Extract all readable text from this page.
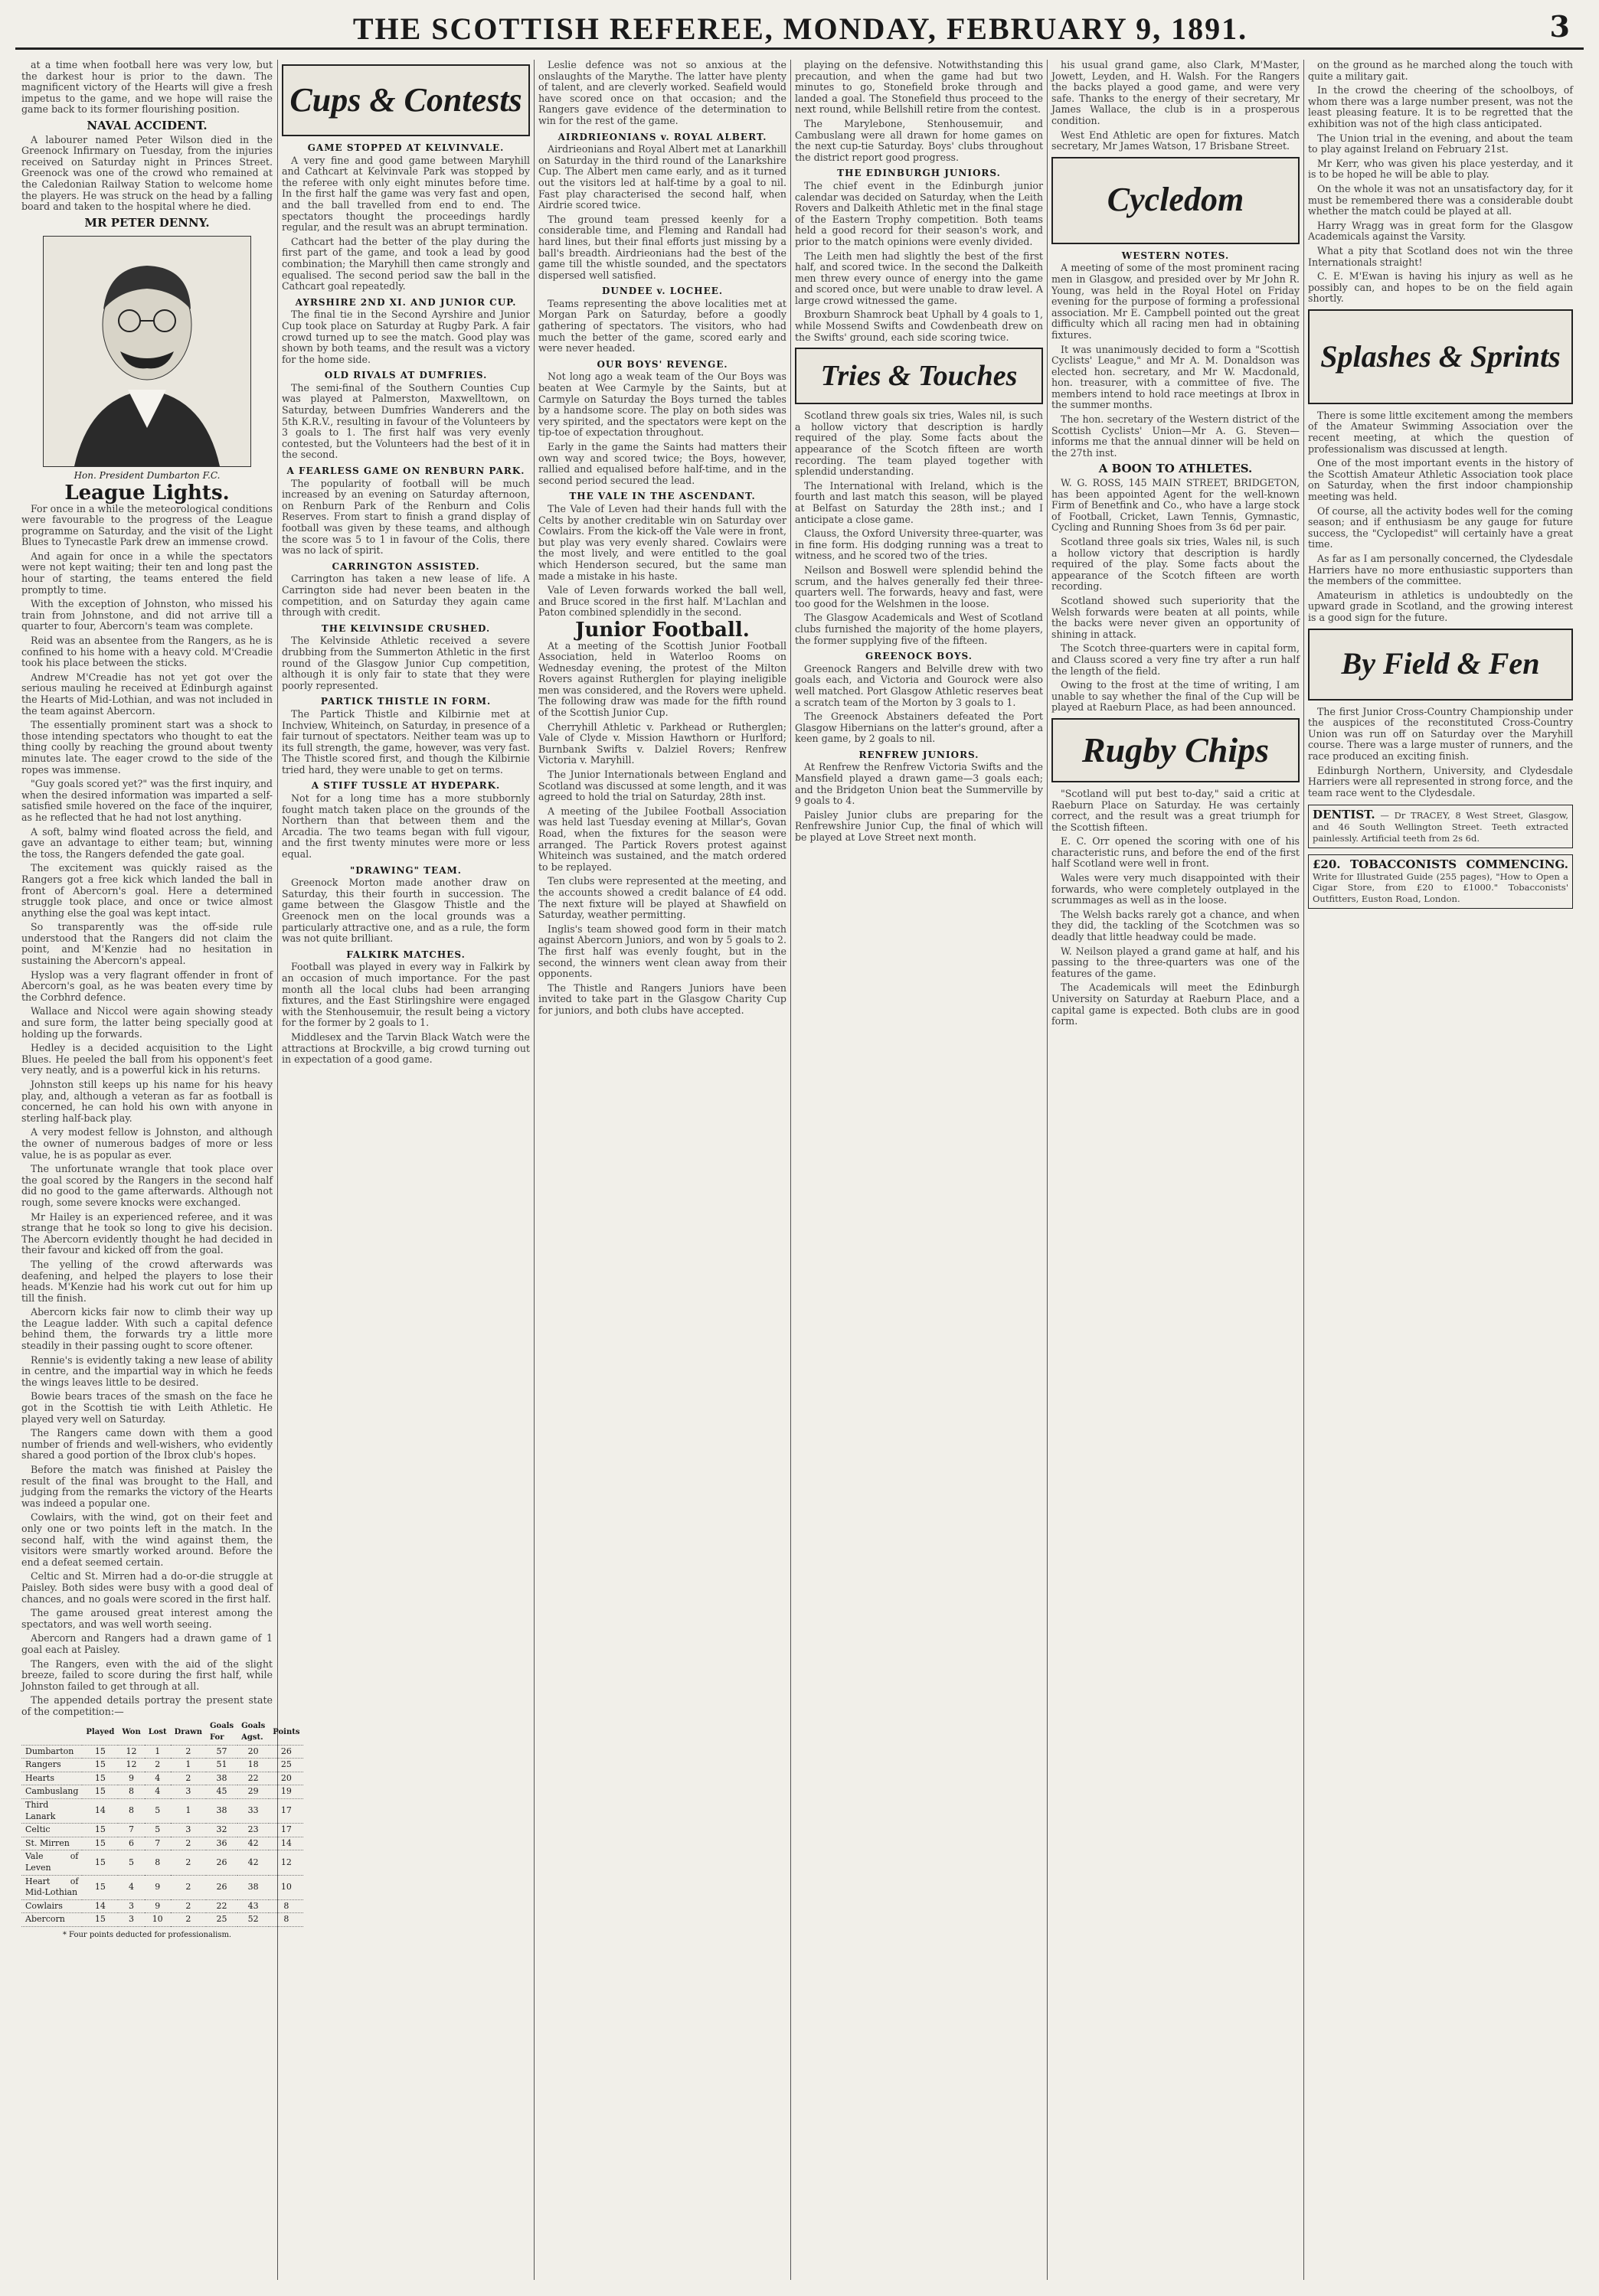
THE SCOTTISH REFEREE, MONDAY, FEBRUARY 9, 1891.	3

at a time when football here was very low, but the darkest hour is prior to the dawn. The magnificent victory of the Hearts will give a fresh impetus to the game, and we hope will raise the game back to its former flourishing position.

NAVAL ACCIDENT.

A labourer named Peter Wilson died in the Greenock Infirmary on Tuesday, from the injuries received on Saturday night in Princes Street. Greenock was one of the crowd who remained at the Caledonian Railway Station to welcome home the players. He was struck on the head by a falling board and taken to the hospital where he died.

MR PETER DENNY.
Hon. President Dumbarton F.C.
League Lights.

For once in a while the meteorological conditions were favourable to the progress of the League programme on Saturday, and the visit of the Light Blues to Tynecastle Park drew an immense crowd.

And again for once in a while the spectators were not kept waiting; their ten and long past the hour of starting, the teams entered the field promptly to time.

With the exception of Johnston, who missed his train from Johnstone, and did not arrive till a quarter to four, Abercorn's team was complete.

Reid was an absentee from the Rangers, as he is confined to his home with a heavy cold. M'Creadie took his place between the sticks.

Andrew M'Creadie has not yet got over the serious mauling he received at Edinburgh against the Hearts of Mid-Lothian, and was not included in the team against Abercorn.

The essentially prominent start was a shock to those intending spectators who thought to eat the thing coolly by reaching the ground about twenty minutes late. The eager crowd to the side of the ropes was immense.

"Guy goals scored yet?" was the first inquiry, and when the desired information was imparted a self-satisfied smile hovered on the face of the inquirer, as he reflected that he had not lost anything.

A soft, balmy wind floated across the field, and gave an advantage to either team; but, winning the toss, the Rangers defended the gate goal.

The excitement was quickly raised as the Rangers got a free kick which landed the ball in front of Abercorn's goal. Here a determined struggle took place, and once or twice almost anything else the goal was kept intact.

So transparently was the off-side rule understood that the Rangers did not claim the point, and M'Kenzie had no hesitation in sustaining the Abercorn's appeal.

Hyslop was a very flagrant offender in front of Abercorn's goal, as he was beaten every time by the Corbhrd defence.

Wallace and Niccol were again showing steady and sure form, the latter being specially good at holding up the forwards.

Hedley is a decided acquisition to the Light Blues. He peeled the ball from his opponent's feet very neatly, and is a powerful kick in his returns.

Johnston still keeps up his name for his heavy play, and, although a veteran as far as football is concerned, he can hold his own with anyone in sterling half-back play.

A very modest fellow is Johnston, and although the owner of numerous badges of more or less value, he is as popular as ever.

The unfortunate wrangle that took place over the goal scored by the Rangers in the second half did no good to the game afterwards. Although not rough, some severe knocks were exchanged.

Mr Hailey is an experienced referee, and it was strange that he took so long to give his decision. The Abercorn evidently thought he had decided in their favour and kicked off from the goal.

The yelling of the crowd afterwards was deafening, and helped the players to lose their heads. M'Kenzie had his work cut out for him up till the finish.

Abercorn kicks fair now to climb their way up the League ladder. With such a capital defence behind them, the forwards try a little more steadily in their passing ought to score oftener.

Rennie's is evidently taking a new lease of ability in centre, and the impartial way in which he feeds the wings leaves little to be desired.

Bowie bears traces of the smash on the face he got in the Scottish tie with Leith Athletic. He played very well on Saturday.

The Rangers came down with them a good number of friends and well-wishers, who evidently shared a good portion of the Ibrox club's hopes.

Before the match was finished at Paisley the result of the final was brought to the Hall, and judging from the remarks the victory of the Hearts was indeed a popular one.

Cowlairs, with the wind, got on their feet and only one or two points left in the match. In the second half, with the wind against them, the visitors were smartly worked around. Before the end a defeat seemed certain.

Celtic and St. Mirren had a do-or-die struggle at Paisley. Both sides were busy with a good deal of chances, and no goals were scored in the first half.

The game aroused great interest among the spectators, and was well worth seeing.

Abercorn and Rangers had a drawn game of 1 goal each at Paisley.

The Rangers, even with the aid of the slight breeze, failed to score during the first half, while Johnston failed to get through at all.

The appended details portray the present state of the competition:—

	Played	Won	Lost	Drawn	Goals For	Goals Agst.	Points
Dumbarton	15	12	1	2	57	20	26
Rangers	15	12	2	1	51	18	25
Hearts	15	9	4	2	38	22	20
Cambuslang	15	8	4	3	45	29	19
Third Lanark	14	8	5	1	38	33	17
Celtic	15	7	5	3	32	23	17
St. Mirren	15	6	7	2	36	42	14
Vale of Leven	15	5	8	2	26	42	12
Heart of Mid-Lothian	15	4	9	2	26	38	10
Cowlairs	14	3	9	2	22	43	8
Abercorn	15	3	10	2	25	52	8
* Four points deducted for professionalism.
Cups & Contests
GAME STOPPED AT KELVINVALE.

A very fine and good game between Maryhill and Cathcart at Kelvinvale Park was stopped by the referee with only eight minutes before time. In the first half the game was very fast and open, and the ball travelled from end to end. The spectators thought the proceedings hardly regular, and the result was an abrupt termination.

Cathcart had the better of the play during the first part of the game, and took a lead by good combination; the Maryhill then came strongly and equalised. The second period saw the ball in the Cathcart goal repeatedly.

AYRSHIRE 2ND XI. AND JUNIOR CUP.

The final tie in the Second Ayrshire and Junior Cup took place on Saturday at Rugby Park. A fair crowd turned up to see the match. Good play was shown by both teams, and the result was a victory for the home side.

OLD RIVALS AT DUMFRIES.

The semi-final of the Southern Counties Cup was played at Palmerston, Maxwelltown, on Saturday, between Dumfries Wanderers and the 5th K.R.V., resulting in favour of the Volunteers by 3 goals to 1. The first half was very evenly contested, but the Volunteers had the best of it in the second.

A FEARLESS GAME ON RENBURN PARK.

The popularity of football will be much increased by an evening on Saturday afternoon, on Renburn Park of the Renburn and Colis Reserves. From start to finish a grand display of football was given by these teams, and although the score was 5 to 1 in favour of the Colis, there was no lack of spirit.

CARRINGTON ASSISTED.

Carrington has taken a new lease of life. A Carrington side had never been beaten in the competition, and on Saturday they again came through with credit.

THE KELVINSIDE CRUSHED.

The Kelvinside Athletic received a severe drubbing from the Summerton Athletic in the first round of the Glasgow Junior Cup competition, although it is only fair to state that they were poorly represented.

PARTICK THISTLE IN FORM.

The Partick Thistle and Kilbirnie met at Inchview, Whiteinch, on Saturday, in presence of a fair turnout of spectators. Neither team was up to its full strength, the game, however, was very fast. The Thistle scored first, and though the Kilbirnie tried hard, they were unable to get on terms.

A STIFF TUSSLE AT HYDEPARK.

Not for a long time has a more stubbornly fought match taken place on the grounds of the Northern than that between them and the Arcadia. The two teams began with full vigour, and the first twenty minutes were more or less equal.

"DRAWING" TEAM.

Greenock Morton made another draw on Saturday, this their fourth in succession. The game between the Glasgow Thistle and the Greenock men on the local grounds was a particularly attractive one, and as a rule, the form was not quite brilliant.

FALKIRK MATCHES.

Football was played in every way in Falkirk by an occasion of much importance. For the past month all the local clubs had been arranging fixtures, and the East Stirlingshire were engaged with the Stenhousemuir, the result being a victory for the former by 2 goals to 1.

Middlesex and the Tarvin Black Watch were the attractions at Brockville, a big crowd turning out in expectation of a good game.

Leslie defence was not so anxious at the onslaughts of the Marythe. The latter have plenty of talent, and are cleverly worked. Seafield would have scored once on that occasion; and the Rangers gave evidence of the determination to win for the rest of the game.

AIRDRIEONIANS v. ROYAL ALBERT.

Airdrieonians and Royal Albert met at Lanarkhill on Saturday in the third round of the Lanarkshire Cup. The Albert men came early, and as it turned out the visitors led at half-time by a goal to nil. Fast play characterised the second half, when Airdrie scored twice.

The ground team pressed keenly for a considerable time, and Fleming and Randall had hard lines, but their final efforts just missing by a ball's breadth. Airdrieonians had the best of the game till the whistle sounded, and the spectators dispersed well satisfied.

DUNDEE v. LOCHEE.

Teams representing the above localities met at Morgan Park on Saturday, before a goodly gathering of spectators. The visitors, who had much the better of the game, scored early and were never headed.

OUR BOYS' REVENGE.

Not long ago a weak team of the Our Boys was beaten at Wee Carmyle by the Saints, but at Carmyle on Saturday the Boys turned the tables by a handsome score. The play on both sides was very spirited, and the spectators were kept on the tip-toe of expectation throughout.

Early in the game the Saints had matters their own way and scored twice; the Boys, however, rallied and equalised before half-time, and in the second period secured the lead.

THE VALE IN THE ASCENDANT.

The Vale of Leven had their hands full with the Celts by another creditable win on Saturday over Cowlairs. From the kick-off the Vale were in front, but play was very evenly shared. Cowlairs were the most lively, and were entitled to the goal which Henderson secured, but the same man made a mistake in his haste.

Vale of Leven forwards worked the ball well, and Bruce scored in the first half. M'Lachlan and Paton combined splendidly in the second.

Junior Football.

At a meeting of the Scottish Junior Football Association, held in Waterloo Rooms on Wednesday evening, the protest of the Milton Rovers against Rutherglen for playing ineligible men was considered, and the Rovers were upheld. The following draw was made for the fifth round of the Scottish Junior Cup.

Cherryhill Athletic v. Parkhead or Rutherglen; Vale of Clyde v. Mission Hawthorn or Hurlford; Burnbank Swifts v. Dalziel Rovers; Renfrew Victoria v. Maryhill.

The Junior Internationals between England and Scotland was discussed at some length, and it was agreed to hold the trial on Saturday, 28th inst.

A meeting of the Jubilee Football Association was held last Tuesday evening at Millar's, Govan Road, when the fixtures for the season were arranged. The Partick Rovers protest against Whiteinch was sustained, and the match ordered to be replayed.

Ten clubs were represented at the meeting, and the accounts showed a credit balance of £4 odd. The next fixture will be played at Shawfield on Saturday, weather permitting.

Inglis's team showed good form in their match against Abercorn Juniors, and won by 5 goals to 2. The first half was evenly fought, but in the second, the winners went clean away from their opponents.

The Thistle and Rangers Juniors have been invited to take part in the Glasgow Charity Cup for juniors, and both clubs have accepted.

playing on the defensive. Notwithstanding this precaution, and when the game had but two minutes to go, Stonefield broke through and landed a goal. The Stonefield thus proceed to the next round, while Bellshill retire from the contest.

The Marylebone, Stenhousemuir, and Cambuslang were all drawn for home games on the next cup-tie Saturday. Boys' clubs throughout the district report good progress.

THE EDINBURGH JUNIORS.

The chief event in the Edinburgh junior calendar was decided on Saturday, when the Leith Rovers and Dalkeith Athletic met in the final stage of the Eastern Trophy competition. Both teams held a good record for their season's work, and prior to the match opinions were evenly divided.

The Leith men had slightly the best of the first half, and scored twice. In the second the Dalkeith men threw every ounce of energy into the game and scored once, but were unable to draw level. A large crowd witnessed the game.

Broxburn Shamrock beat Uphall by 4 goals to 1, while Mossend Swifts and Cowdenbeath drew on the Swifts' ground, each side scoring twice.

Tries & Touches

Scotland threw goals six tries, Wales nil, is such a hollow victory that description is hardly required of the play. Some facts about the appearance of the Scotch fifteen are worth recording. The team played together with splendid understanding.

The International with Ireland, which is the fourth and last match this season, will be played at Belfast on Saturday the 28th inst.; and I anticipate a close game.

Clauss, the Oxford University three-quarter, was in fine form. His dodging running was a treat to witness, and he scored two of the tries.

Neilson and Boswell were splendid behind the scrum, and the halves generally fed their three-quarters well. The forwards, heavy and fast, were too good for the Welshmen in the loose.

The Glasgow Academicals and West of Scotland clubs furnished the majority of the home players, the former supplying five of the fifteen.

GREENOCK BOYS.

Greenock Rangers and Belville drew with two goals each, and Victoria and Gourock were also well matched. Port Glasgow Athletic reserves beat a scratch team of the Morton by 3 goals to 1.

The Greenock Abstainers defeated the Port Glasgow Hibernians on the latter's ground, after a keen game, by 2 goals to nil.

RENFREW JUNIORS.

At Renfrew the Renfrew Victoria Swifts and the Mansfield played a drawn game—3 goals each; and the Bridgeton Union beat the Summerville by 9 goals to 4.

Paisley Junior clubs are preparing for the Renfrewshire Junior Cup, the final of which will be played at Love Street next month.

his usual grand game, also Clark, M'Master, Jowett, Leyden, and H. Walsh. For the Rangers the backs played a good game, and were very safe. Thanks to the energy of their secretary, Mr James Wallace, the club is in a prosperous condition.

West End Athletic are open for fixtures. Match secretary, Mr James Watson, 17 Brisbane Street.

Cycledom
WESTERN NOTES.

A meeting of some of the most prominent racing men in Glasgow, and presided over by Mr John R. Young, was held in the Royal Hotel on Friday evening for the purpose of forming a professional association. Mr E. Campbell pointed out the great difficulty which all racing men had in obtaining fixtures.

It was unanimously decided to form a "Scottish Cyclists' League," and Mr A. M. Donaldson was elected hon. secretary, and Mr W. Macdonald, hon. treasurer, with a committee of five. The members intend to hold race meetings at Ibrox in the summer months.

The hon. secretary of the Western district of the Scottish Cyclists' Union—Mr A. G. Steven—informs me that the annual dinner will be held on the 27th inst.

A BOON TO ATHLETES.

W. G. ROSS, 145 MAIN STREET, BRIDGETON, has been appointed Agent for the well-known Firm of Benetfink and Co., who have a large stock of Football, Cricket, Lawn Tennis, Gymnastic, Cycling and Running Shoes from 3s 6d per pair.

Scotland three goals six tries, Wales nil, is such a hollow victory that description is hardly required of the play. Some facts about the appearance of the Scotch fifteen are worth recording.

Scotland showed such superiority that the Welsh forwards were beaten at all points, while the backs were never given an opportunity of shining in attack.

The Scotch three-quarters were in capital form, and Clauss scored a very fine try after a run half the length of the field.

Owing to the frost at the time of writing, I am unable to say whether the final of the Cup will be played at Raeburn Place, as had been announced.

Rugby Chips

"Scotland will put best to-day," said a critic at Raeburn Place on Saturday. He was certainly correct, and the result was a great triumph for the Scottish fifteen.

E. C. Orr opened the scoring with one of his characteristic runs, and before the end of the first half Scotland were well in front.

Wales were very much disappointed with their forwards, who were completely outplayed in the scrummages as well as in the loose.

The Welsh backs rarely got a chance, and when they did, the tackling of the Scotchmen was so deadly that little headway could be made.

W. Neilson played a grand game at half, and his passing to the three-quarters was one of the features of the game.

The Academicals will meet the Edinburgh University on Saturday at Raeburn Place, and a capital game is expected. Both clubs are in good form.

on the ground as he marched along the touch with quite a military gait.

In the crowd the cheering of the schoolboys, of whom there was a large number present, was not the least pleasing feature. It is to be regretted that the exhibition was not of the high class anticipated.

The Union trial in the evening, and about the team to play against Ireland on February 21st.

Mr Kerr, who was given his place yesterday, and it is to be hoped he will be able to play.

On the whole it was not an unsatisfactory day, for it must be remembered there was a considerable doubt whether the match could be played at all.

Harry Wragg was in great form for the Glasgow Academicals against the Varsity.

What a pity that Scotland does not win the three Internationals straight!

C. E. M'Ewan is having his injury as well as he possibly can, and hopes to be on the field again shortly.

Splashes & Sprints

There is some little excitement among the members of the Amateur Swimming Association over the recent meeting, at which the question of professionalism was discussed at length.

One of the most important events in the history of the Scottish Amateur Athletic Association took place on Saturday, when the first indoor championship meeting was held.

Of course, all the activity bodes well for the coming season; and if enthusiasm be any gauge for future success, the "Cyclopedist" will certainly have a great time.

As far as I am personally concerned, the Clydesdale Harriers have no more enthusiastic supporters than the members of the committee.

Amateurism in athletics is undoubtedly on the upward grade in Scotland, and the growing interest is a good sign for the future.

By Field & Fen

The first Junior Cross-Country Championship under the auspices of the reconstituted Cross-Country Union was run off on Saturday over the Maryhill course. There was a large muster of runners, and the race produced an exciting finish.

Edinburgh Northern, University, and Clydesdale Harriers were all represented in strong force, and the team race went to the Clydesdale.

DENTIST. — Dr TRACEY, 8 West Street, Glasgow, and 46 South Wellington Street. Teeth extracted painlessly. Artificial teeth from 2s 6d.
£20. TOBACCONISTS COMMENCING. Write for Illustrated Guide (255 pages), "How to Open a Cigar Store, from £20 to £1000." Tobacconists' Outfitters, Euston Road, London.
